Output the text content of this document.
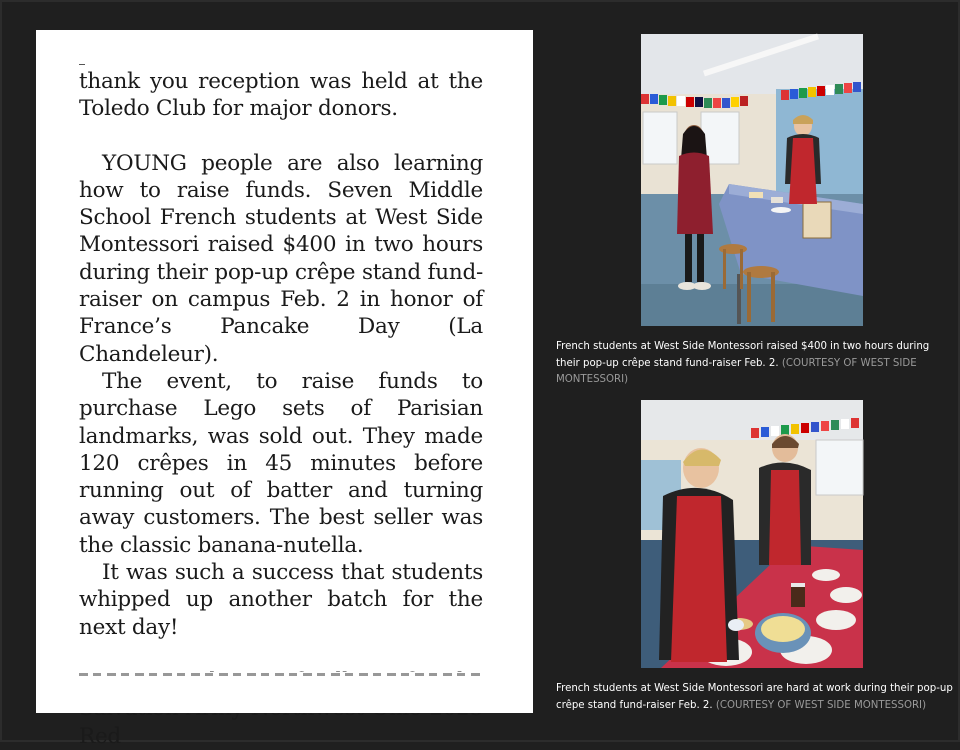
thank you reception was held at the Toledo Club for major donors.

YOUNG people are also learning how to raise funds. Seven Middle School French students at West Side Montessori raised $400 in two hours during their pop-up crêpe stand fund-raiser on campus Feb. 2 in honor of France’s Pancake Day (La Chandeleur).

The event, to raise funds to purchase Lego sets of Parisian landmarks, was sold out. They made 120 crêpes in 45 minutes before running out of batter and turning away customers. The best seller was the classic banana-nutella.

It was such a success that students whipped up another batch for the next day!

Red

French students at West Side Montessori raised $400 in two hours during their pop-up crêpe stand fund-raiser Feb. 2. (COURTESY OF WEST SIDE MONTESSORI)
French students at West Side Montessori are hard at work during their pop-up crêpe stand fund-raiser Feb. 2. (COURTESY OF WEST SIDE MONTESSORI)
